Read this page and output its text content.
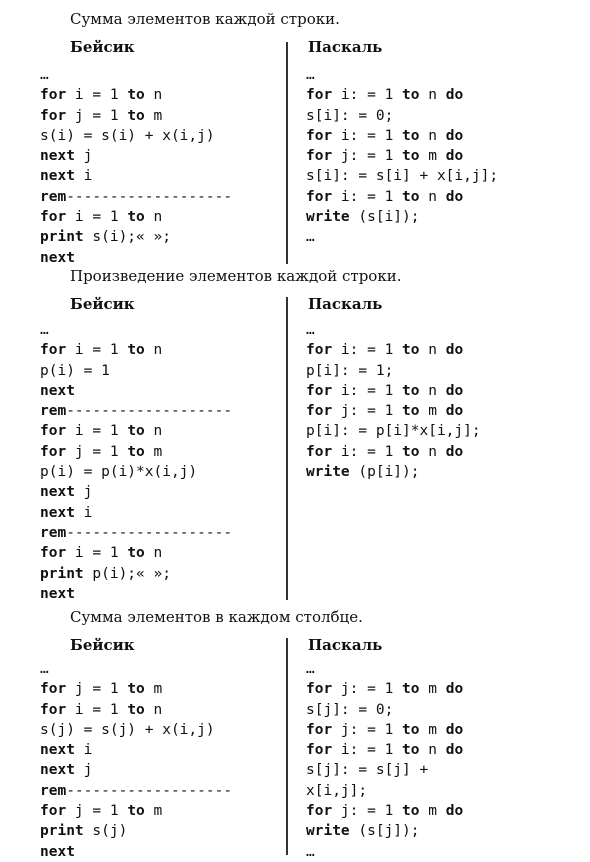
Сумма элементов каждой строки.
Бейсик	Паскаль
…
for i = 1 to n
for j = 1 to m
s(i) = s(i) + x(i,j)
next j
next i
rem-------------------
for i = 1 to n
print s(i);« »;
next
…
for i: = 1 to n do
s[i]: = 0;
for i: = 1 to n do
for j: = 1 to m do
s[i]: = s[i] + x[i,j];
for i: = 1 to n do
write (s[i]);
…
Произведение элементов каждой строки.
Бейсик	Паскаль
…
for i = 1 to n
p(i) = 1
next
rem-------------------
for i = 1 to n
for j = 1 to m
p(i) = p(i)*x(i,j)
next j
next i
rem-------------------
for i = 1 to n
print p(i);« »;
next
…
for i: = 1 to n do
p[i]: = 1;
for i: = 1 to n do
for j: = 1 to m do
p[i]: = p[i]*x[i,j];
for i: = 1 to n do
write (p[i]);
Сумма элементов в каждом столбце.
Бейсик	Паскаль
…
for j = 1 to m
for i = 1 to n
s(j) = s(j) + x(i,j)
next i
next j
rem-------------------
for j = 1 to m
print s(j)
next
…
for j: = 1 to m do
s[j]: = 0;
for j: = 1 to m do
for i: = 1 to n do
s[j]: = s[j] +
x[i,j];
for j: = 1 to m do
write (s[j]);
…
